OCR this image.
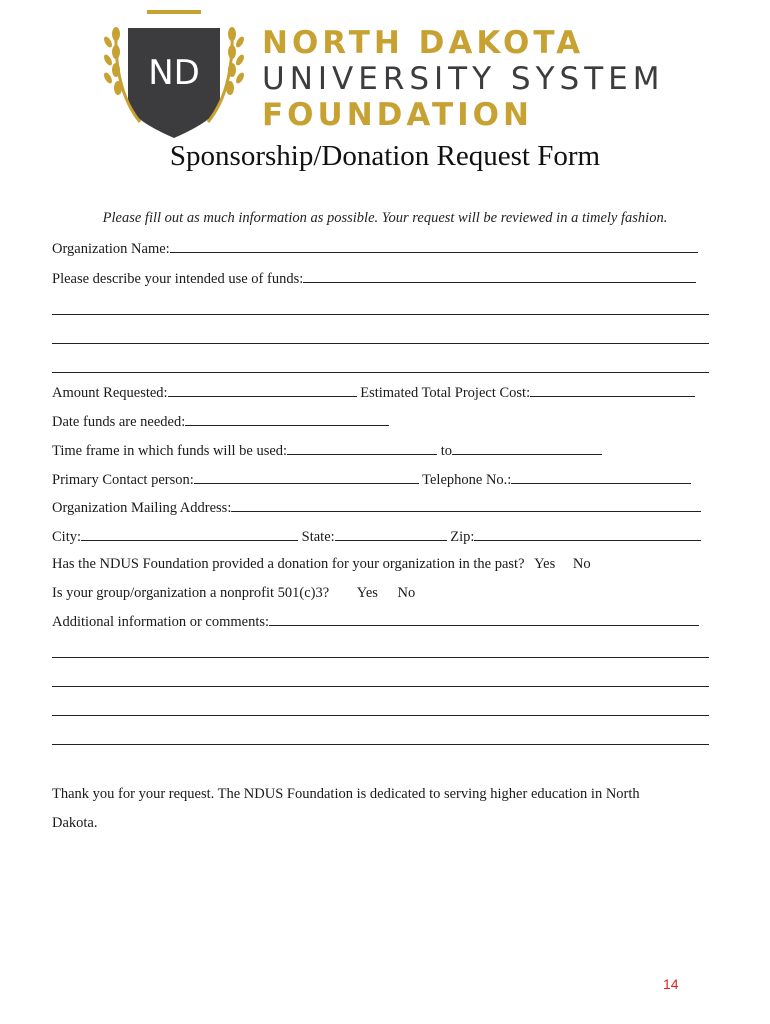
ND
NORTH DAKOTA
UNIVERSITY SYSTEM
FOUNDATION
Sponsorship/Donation Request Form
Please fill out as much information as possible. Your request will be reviewed in a timely fashion.
Organization Name:
Please describe your intended use of funds:
Amount Requested:	Estimated Total Project Cost:
Date funds are needed:
Time frame in which funds will be used:	to
Primary Contact person:	Telephone No.:
Organization Mailing Address:
City:	State:	Zip:
Has the NDUS Foundation provided a donation for your organization in the past? Yes No
Is your group/organization a nonprofit 501(c)3? Yes No
Additional information or comments:
Thank you for your request. The NDUS Foundation is dedicated to serving higher education in North
Dakota.
14
